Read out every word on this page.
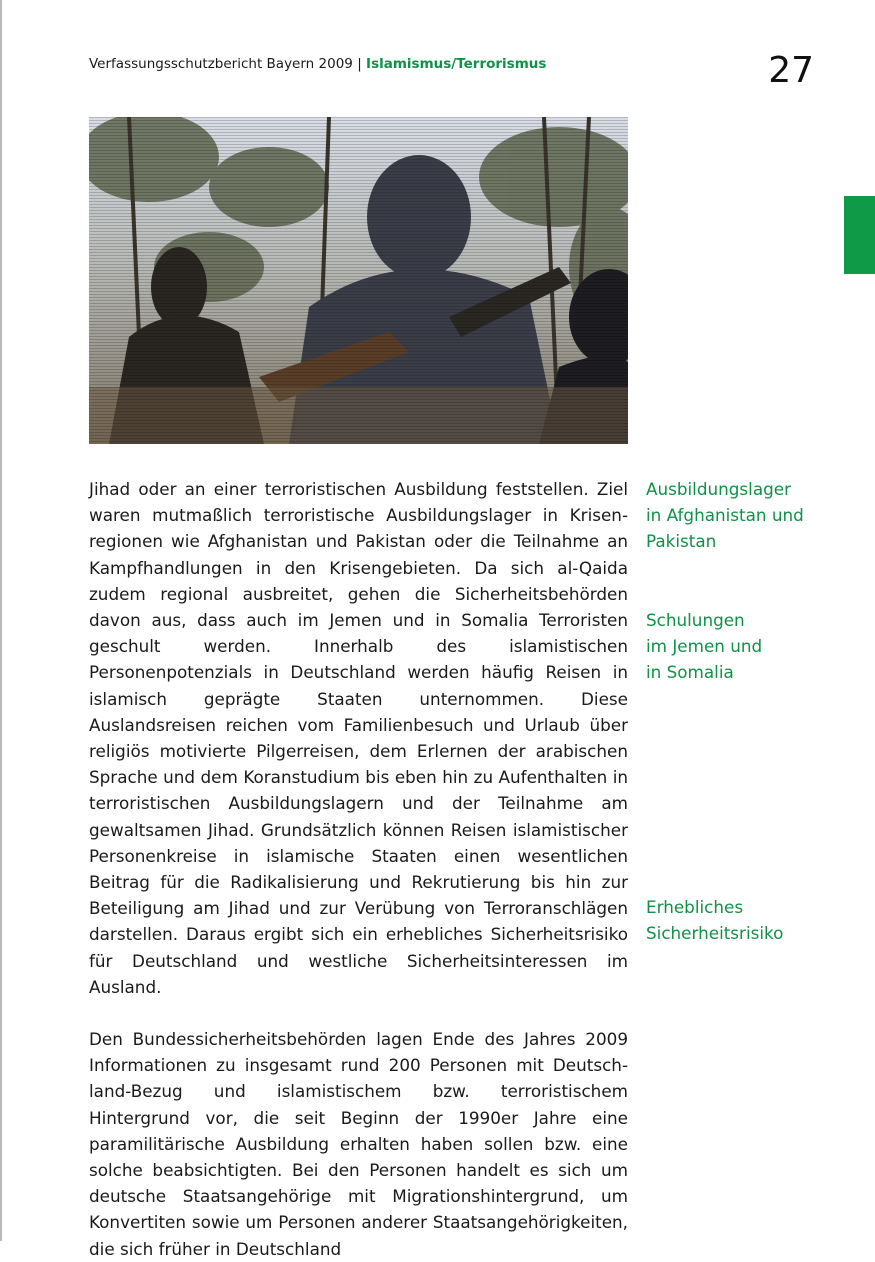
Verfassungsschutzbericht Bayern 2009 | Islamismus/Terrorismus	27

Jihad oder an einer terroristischen Ausbildung feststellen. Ziel waren mutmaßlich terroristische Ausbildungslager in Krisenregionen wie Afghanistan und Pakistan oder die Teilnahme an Kampfhandlungen in den Krisengebieten. Da sich al-Qaida zudem regional ausbreitet, gehen die Sicherheitsbehörden davon aus, dass auch im Jemen und in Somalia Terroristen geschult werden. Innerhalb des islamistischen Personenpotenzials in Deutschland werden häufig Reisen in islamisch geprägte Staaten unternommen. Diese Auslandsreisen reichen vom Familienbesuch und Urlaub über religiös motivierte Pilgerreisen, dem Erlernen der arabischen Sprache und dem Koranstudium bis eben hin zu Aufenthalten in terroristischen Ausbildungslagern und der Teilnahme am gewaltsamen Jihad. Grundsätzlich können Reisen islamistischer Personenkreise in islamische Staaten einen wesentlichen Beitrag für die Radikalisierung und Rekrutierung bis hin zur Beteiligung am Jihad und zur Verübung von Terroranschlägen darstellen. Daraus ergibt sich ein erhebliches Sicherheitsrisiko für Deutschland und westliche Sicherheitsinteressen im Ausland.

Den Bundessicherheitsbehörden lagen Ende des Jahres 2009 Informationen zu insgesamt rund 200 Personen mit Deutschland-Bezug und islamistischem bzw. terroristischem Hintergrund vor, die seit Beginn der 1990er Jahre eine paramilitärische Ausbildung erhalten haben sollen bzw. eine solche beabsichtigten. Bei den Personen handelt es sich um deutsche Staatsangehörige mit Migrationshintergrund, um Konvertiten sowie um Personen anderer Staatsangehörigkeiten, die sich früher in Deutschland

Ausbildungslager
in Afghanistan und
Pakistan
Schulungen
im Jemen und
in Somalia
Erhebliches
Sicherheitsrisiko
